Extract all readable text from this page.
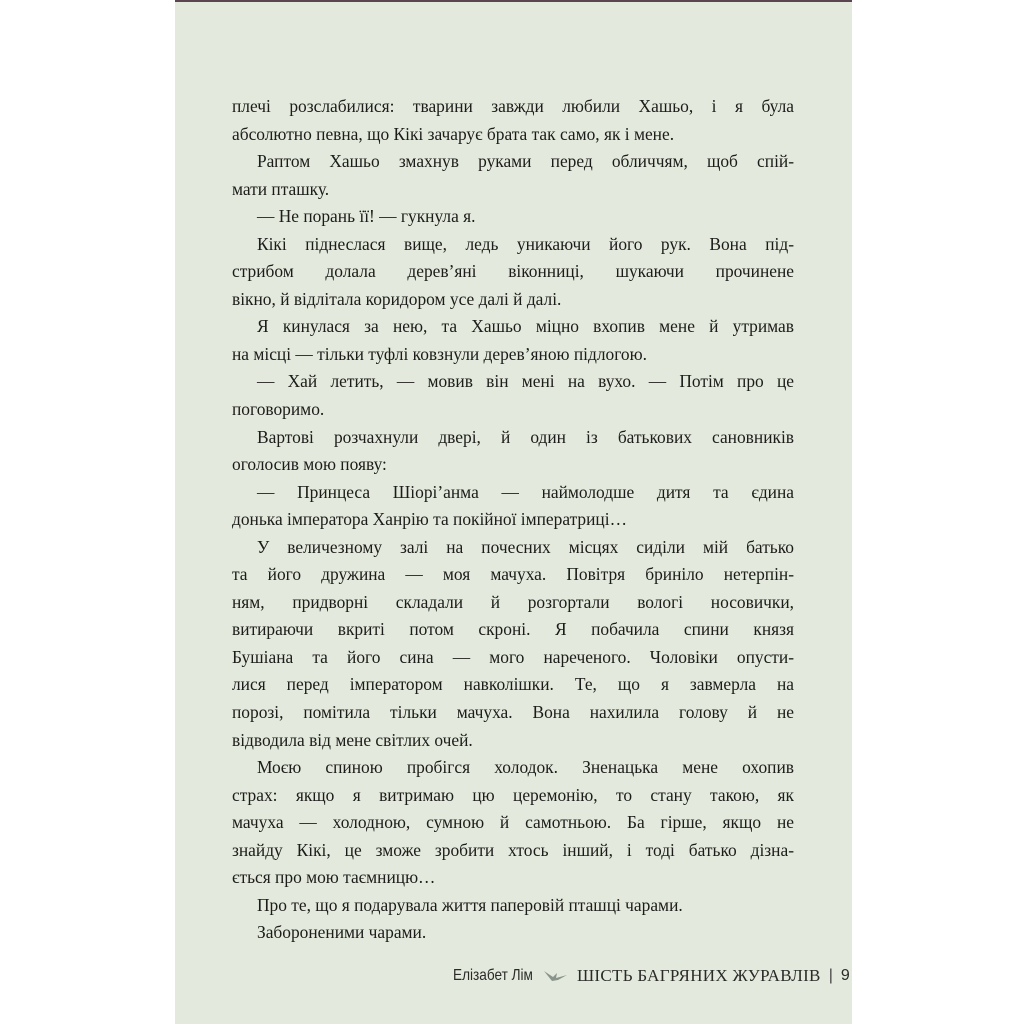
плечі розслабилися: тварини завжди любили Хашьо, і я була
абсолютно певна, що Кікі зачарує брата так само, як і мене.
Раптом Хашьо змахнув руками перед обличчям, щоб спій-
мати пташку.
— Не порань її! — гукнула я.
Кікі піднеслася вище, ледь уникаючи його рук. Вона під-
стрибом долала дерев’яні віконниці, шукаючи прочинене
вікно, й відлітала коридором усе далі й далі.
Я кинулася за нею, та Хашьо міцно вхопив мене й утримав
на місці — тільки туфлі ковзнули дерев’яною підлогою.
— Хай летить, — мовив він мені на вухо. — Потім про це
поговоримо.
Вартові розчахнули двері, й один із батькових сановників
оголосив мою появу:
— Принцеса Шіорі’анма — наймолодше дитя та єдина
донька імператора Ханрію та покійної імператриці…
У величезному залі на почесних місцях сиділи мій батько
та його дружина — моя мачуха. Повітря бриніло нетерпін-
ням, придворні складали й розгортали вологі носовички,
витираючи вкриті потом скроні. Я побачила спини князя
Бушіана та його сина — мого нареченого. Чоловіки опусти-
лися перед імператором навколішки. Те, що я завмерла на
порозі, помітила тільки мачуха. Вона нахилила голову й не
відводила від мене світлих очей.
Моєю спиною пробігся холодок. Зненацька мене охопив
страх: якщо я витримаю цю церемонію, то стану такою, як
мачуха — холодною, сумною й самотньою. Ба гірше, якщо не
знайду Кікі, це зможе зробити хтось інший, і тоді батько дізна-
ється про мою таємницю…
Про те, що я подарувала життя паперовій пташці чарами.
Забороненими чарами.
Елізабет Лім	ШІСТЬ БАГРЯНИХ ЖУРАВЛІВ | 9
